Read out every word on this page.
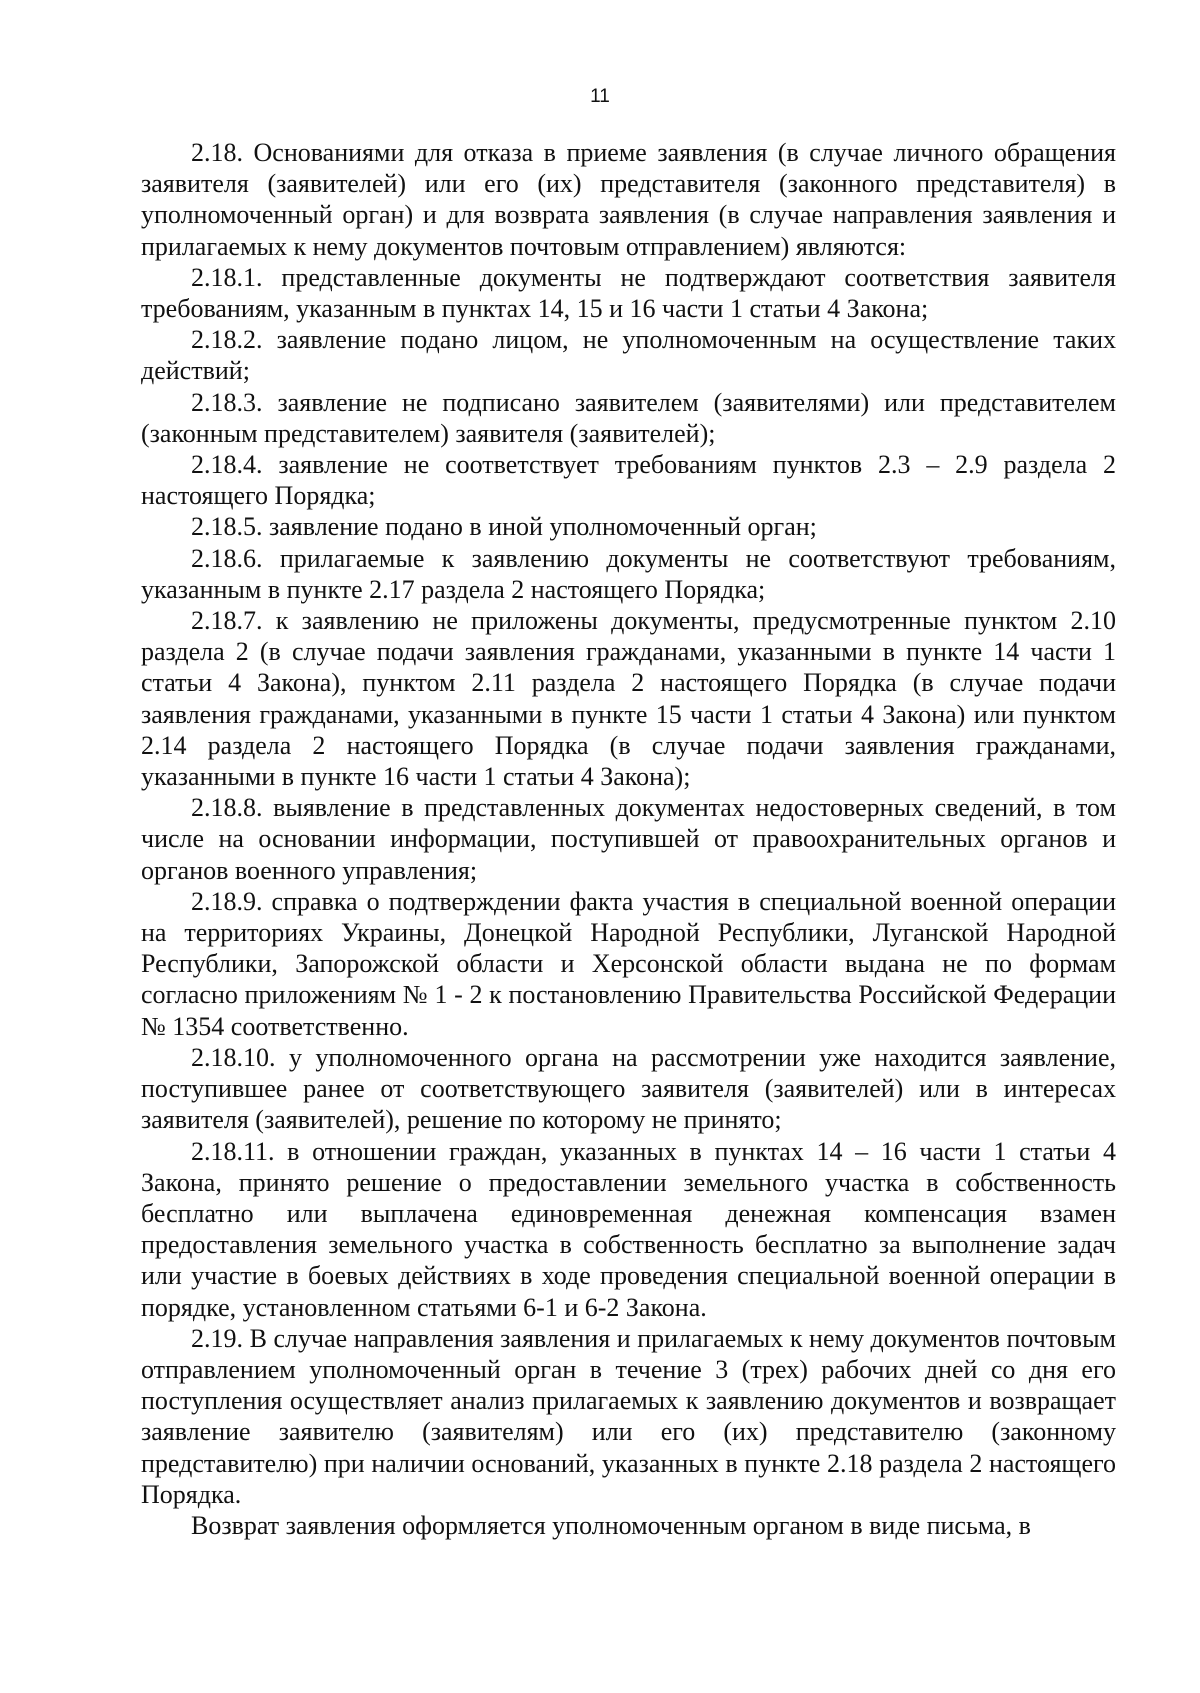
11

2.18. Основаниями для отказа в приеме заявления (в случае личного обращения заявителя (заявителей) или его (их) представителя (законного представителя) в уполномоченный орган) и для возврата заявления (в случае направления заявления и прилагаемых к нему документов почтовым отправлением) являются:

2.18.1. представленные документы не подтверждают соответствия заявителя требованиям, указанным в пунктах 14, 15 и 16 части 1 статьи 4 Закона;

2.18.2. заявление подано лицом, не уполномоченным на осуществление таких действий;

2.18.3. заявление не подписано заявителем (заявителями) или представителем (законным представителем) заявителя (заявителей);

2.18.4. заявление не соответствует требованиям пунктов 2.3 – 2.9 раздела 2 настоящего Порядка;

2.18.5. заявление подано в иной уполномоченный орган;

2.18.6. прилагаемые к заявлению документы не соответствуют требованиям, указанным в пункте 2.17 раздела 2 настоящего Порядка;

2.18.7. к заявлению не приложены документы, предусмотренные пунктом 2.10 раздела 2 (в случае подачи заявления гражданами, указанными в пункте 14 части 1 статьи 4 Закона), пунктом 2.11 раздела 2 настоящего Порядка (в случае подачи заявления гражданами, указанными в пункте 15 части 1 статьи 4 Закона) или пунктом 2.14 раздела 2 настоящего Порядка (в случае подачи заявления гражданами, указанными в пункте 16 части 1 статьи 4 Закона);

2.18.8. выявление в представленных документах недостоверных сведений, в том числе на основании информации, поступившей от правоохранительных органов и органов военного управления;

2.18.9. справка о подтверждении факта участия в специальной военной операции на территориях Украины, Донецкой Народной Республики, Луганской Народной Республики, Запорожской области и Херсонской области выдана не по формам согласно приложениям № 1 - 2 к постановлению Правительства Российской Федерации № 1354 соответственно.

2.18.10. у уполномоченного органа на рассмотрении уже находится заявление, поступившее ранее от соответствующего заявителя (заявителей) или в интересах заявителя (заявителей), решение по которому не принято;

2.18.11. в отношении граждан, указанных в пунктах 14 – 16 части 1 статьи 4 Закона, принято решение о предоставлении земельного участка в собственность бесплатно или выплачена единовременная денежная компенсация взамен предоставления земельного участка в собственность бесплатно за выполнение задач или участие в боевых действиях в ходе проведения специальной военной операции в порядке, установленном статьями 6-1 и 6-2 Закона.

2.19. В случае направления заявления и прилагаемых к нему документов почтовым отправлением уполномоченный орган в течение 3 (трех) рабочих дней со дня его поступления осуществляет анализ прилагаемых к заявлению документов и возвращает заявление заявителю (заявителям) или его (их) представителю (законному представителю) при наличии оснований, указанных в пункте 2.18 раздела 2 настоящего Порядка.

Возврат заявления оформляется уполномоченным органом в виде письма, в
